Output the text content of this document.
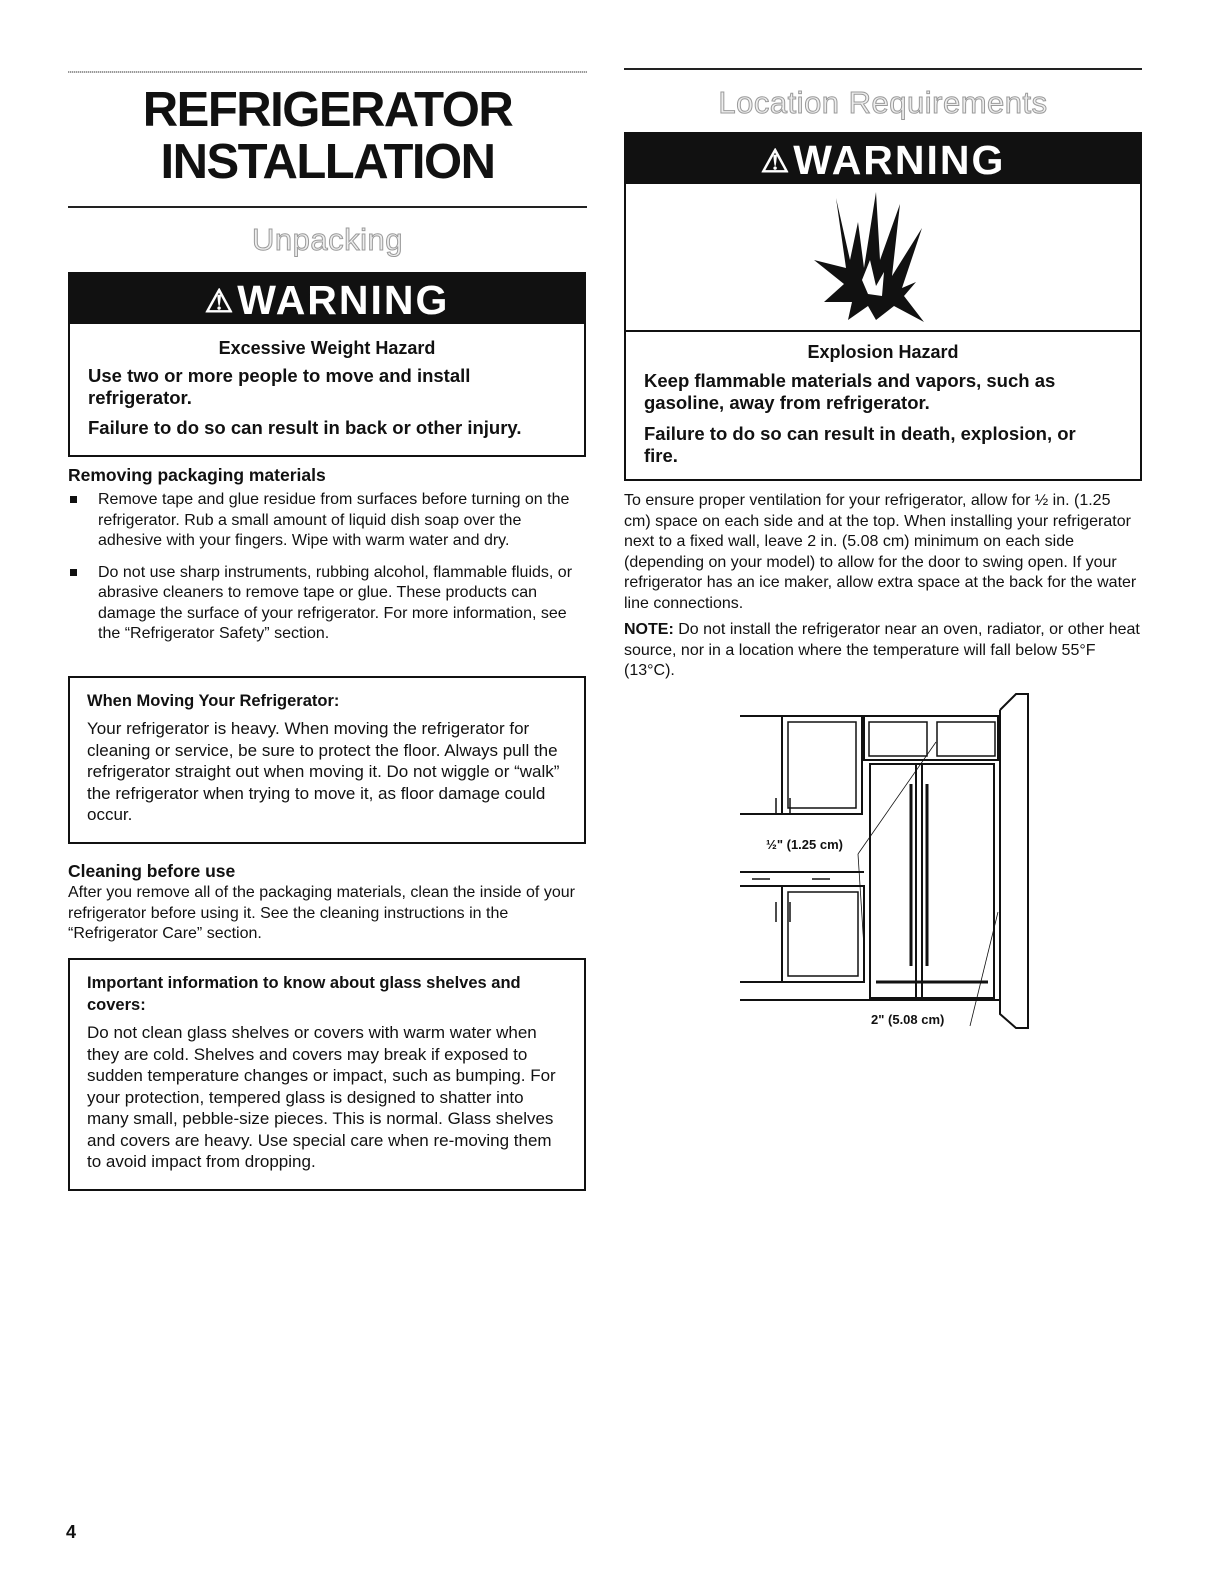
REFRIGERATOR
INSTALLATION
Unpacking
⚠WARNING

Excessive Weight Hazard

Use two or more people to move and install refrigerator.

Failure to do so can result in back or other injury.

Removing packaging materials
Remove tape and glue residue from surfaces before turning on the refrigerator. Rub a small amount of liquid dish soap over the adhesive with your fingers. Wipe with warm water and dry.
Do not use sharp instruments, rubbing alcohol, flammable fluids, or abrasive cleaners to remove tape or glue. These products can damage the surface of your refrigerator. For more information, see the “Refrigerator Safety” section.

When Moving Your Refrigerator:

Your refrigerator is heavy. When moving the refrigerator for cleaning or service, be sure to protect the floor. Always pull the refrigerator straight out when moving it. Do not wiggle or “walk” the refrigerator when trying to move it, as floor damage could occur.

Cleaning before use

After you remove all of the packaging materials, clean the inside of your refrigerator before using it. See the cleaning instructions in the “Refrigerator Care” section.

Important information to know about glass shelves and covers:

Do not clean glass shelves or covers with warm water when they are cold. Shelves and covers may break if exposed to sudden temperature changes or impact, such as bumping. For your protection, tempered glass is designed to shatter into many small, pebble-size pieces. This is normal. Glass shelves and covers are heavy. Use special care when re-moving them to avoid impact from dropping.

Location Requirements
⚠WARNING

Explosion Hazard

Keep flammable materials and vapors, such as gasoline, away from refrigerator.

Failure to do so can result in death, explosion, or fire.

To ensure proper ventilation for your refrigerator, allow for ½ in. (1.25 cm) space on each side and at the top. When installing your refrigerator next to a fixed wall, leave 2 in. (5.08 cm) minimum on each side (depending on your model) to allow for the door to swing open. If your refrigerator has an ice maker, allow extra space at the back for the water line connections.

NOTE: Do not install the refrigerator near an oven, radiator, or other heat source, nor in a location where the temperature will fall below 55°F (13°C).

½" (1.25 cm)
2" (5.08 cm)
4
